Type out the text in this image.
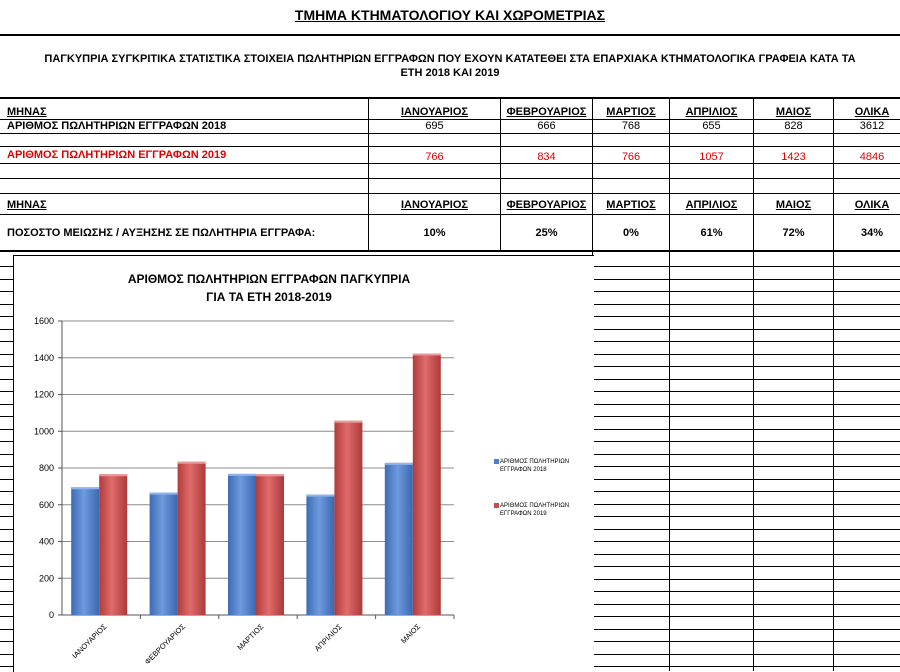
ΤΜΗΜΑ ΚΤΗΜΑΤΟΛΟΓΙΟΥ ΚΑΙ ΧΩΡΟΜΕΤΡΙΑΣ
ΠΑΓΚΥΠΡΙΑ ΣΥΓΚΡΙΤΙΚΑ ΣΤΑΤΙΣΤΙΚΑ ΣΤΟΙΧΕΙΑ ΠΩΛΗΤΗΡΙΩΝ ΕΓΓΡΑΦΩΝ ΠΟΥ ΕΧΟΥΝ ΚΑΤΑΤΕΘΕΙ ΣΤΑ ΕΠΑΡΧΙΑΚΑ ΚΤΗΜΑΤΟΛΟΓΙΚΑ ΓΡΑΦΕΙΑ ΚΑΤΑ ΤΑ
ΕΤΗ 2018 ΚΑΙ 2019
ΜΗΝΑΣ	ΙΑΝΟΥΑΡΙΟΣ	ΦΕΒΡΟΥΑΡΙΟΣ	ΜΑΡΤΙΟΣ	ΑΠΡΙΛΙΟΣ	ΜΑΙΟΣ	ΟΛΙΚΑ
ΑΡΙΘΜΟΣ ΠΩΛΗΤΗΡΙΩΝ ΕΓΓΡΑΦΩΝ 2018	695	666	768	655	828	3612
ΑΡΙΘΜΟΣ ΠΩΛΗΤΗΡΙΩΝ ΕΓΓΡΑΦΩΝ 2019	766	834	766	1057	1423	4846
ΜΗΝΑΣ	ΙΑΝΟΥΑΡΙΟΣ	ΦΕΒΡΟΥΑΡΙΟΣ	ΜΑΡΤΙΟΣ	ΑΠΡΙΛΙΟΣ	ΜΑΙΟΣ	ΟΛΙΚΑ
ΠΟΣΟΣΤΟ ΜΕΙΩΣΗΣ / ΑΥΞΗΣΗΣ ΣΕ ΠΩΛΗΤΗΡΙΑ ΕΓΓΡΑΦΑ:	10%	25%	0%	61%	72%	34%
ΑΡΙΘΜΟΣ ΠΩΛΗΤΗΡΙΩΝ ΕΓΓΡΑΦΩΝ ΠΑΓΚΥΠΡΙΑ
ΓΙΑ ΤΑ ΕΤΗ 2018-2019
0
200
400
600
800
1000
1200
1400
1600
ΙΑΝΟΥΑΡΙΟΣ	ΦΕΒΡΟΥΑΡΙΟΣ	ΜΑΡΤΙΟΣ	ΑΠΡΙΛΙΟΣ	ΜΑΙΟΣ
ΑΡΙΘΜΟΣ ΠΩΛΗΤΗΡΙΩΝ
ΕΓΓΡΑΦΩΝ 2018
ΑΡΙΘΜΟΣ ΠΩΛΗΤΗΡΙΩΝ
ΕΓΓΡΑΦΩΝ 2019
